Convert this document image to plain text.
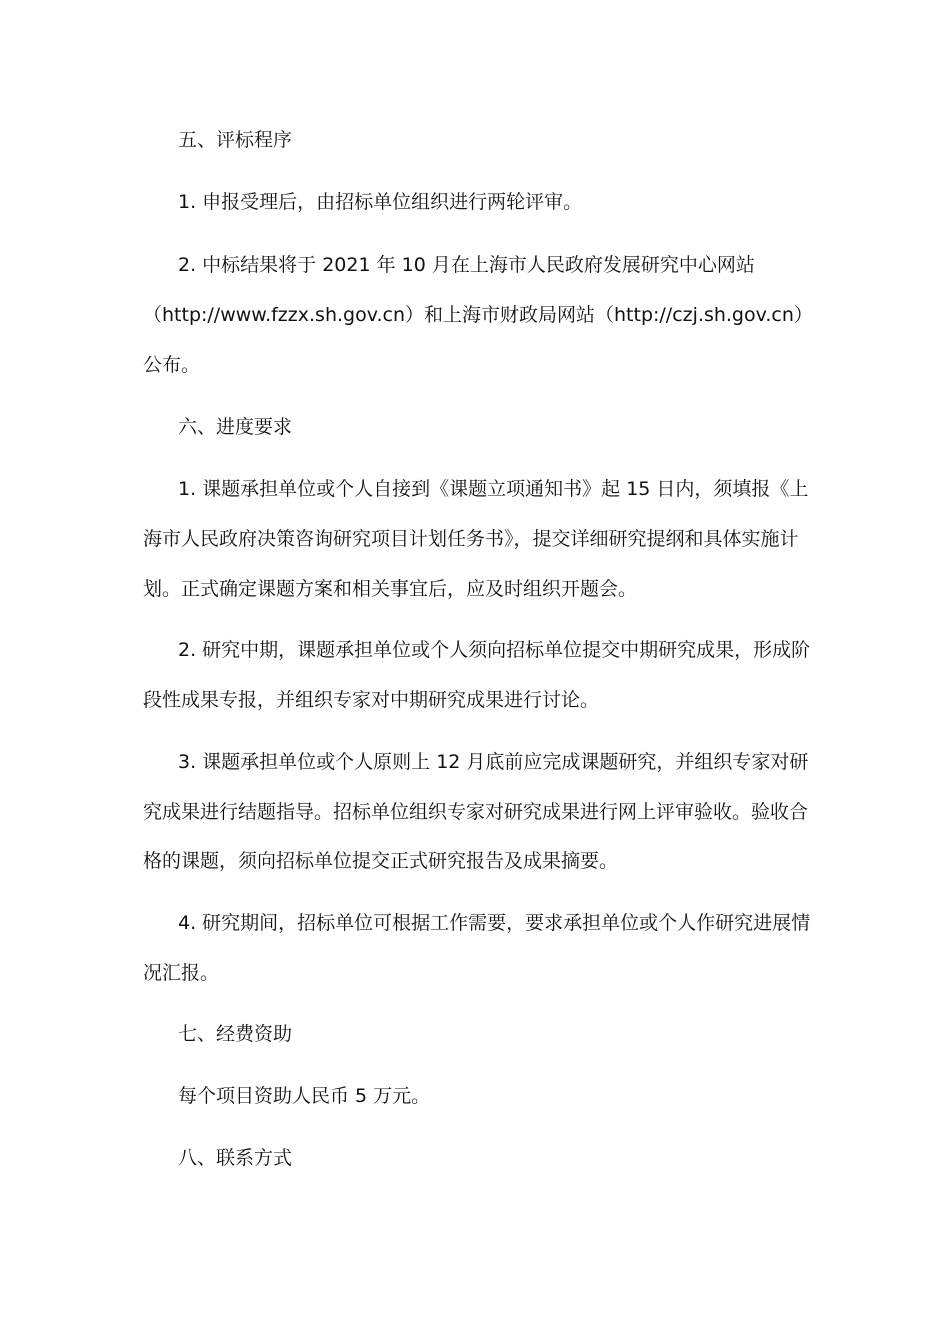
五、评标程序
1. 申报受理后，由招标单位组织进行两轮评审。
2. 中标结果将于 2021 年 10 月在上海市人民政府发展研究中心网站
（http://www.fzzx.sh.gov.cn）和上海市财政局网站（http://czj.sh.gov.cn）
公布。
六、进度要求
1. 课题承担单位或个人自接到《课题立项通知书》起 15 日内，须填报《上
海市人民政府决策咨询研究项目计划任务书》，提交详细研究提纲和具体实施计
划。正式确定课题方案和相关事宜后，应及时组织开题会。
2. 研究中期，课题承担单位或个人须向招标单位提交中期研究成果，形成阶
段性成果专报，并组织专家对中期研究成果进行讨论。
3. 课题承担单位或个人原则上 12 月底前应完成课题研究，并组织专家对研
究成果进行结题指导。招标单位组织专家对研究成果进行网上评审验收。验收合
格的课题，须向招标单位提交正式研究报告及成果摘要。
4. 研究期间，招标单位可根据工作需要，要求承担单位或个人作研究进展情
况汇报。
七、经费资助
每个项目资助人民币 5 万元。
八、联系方式
